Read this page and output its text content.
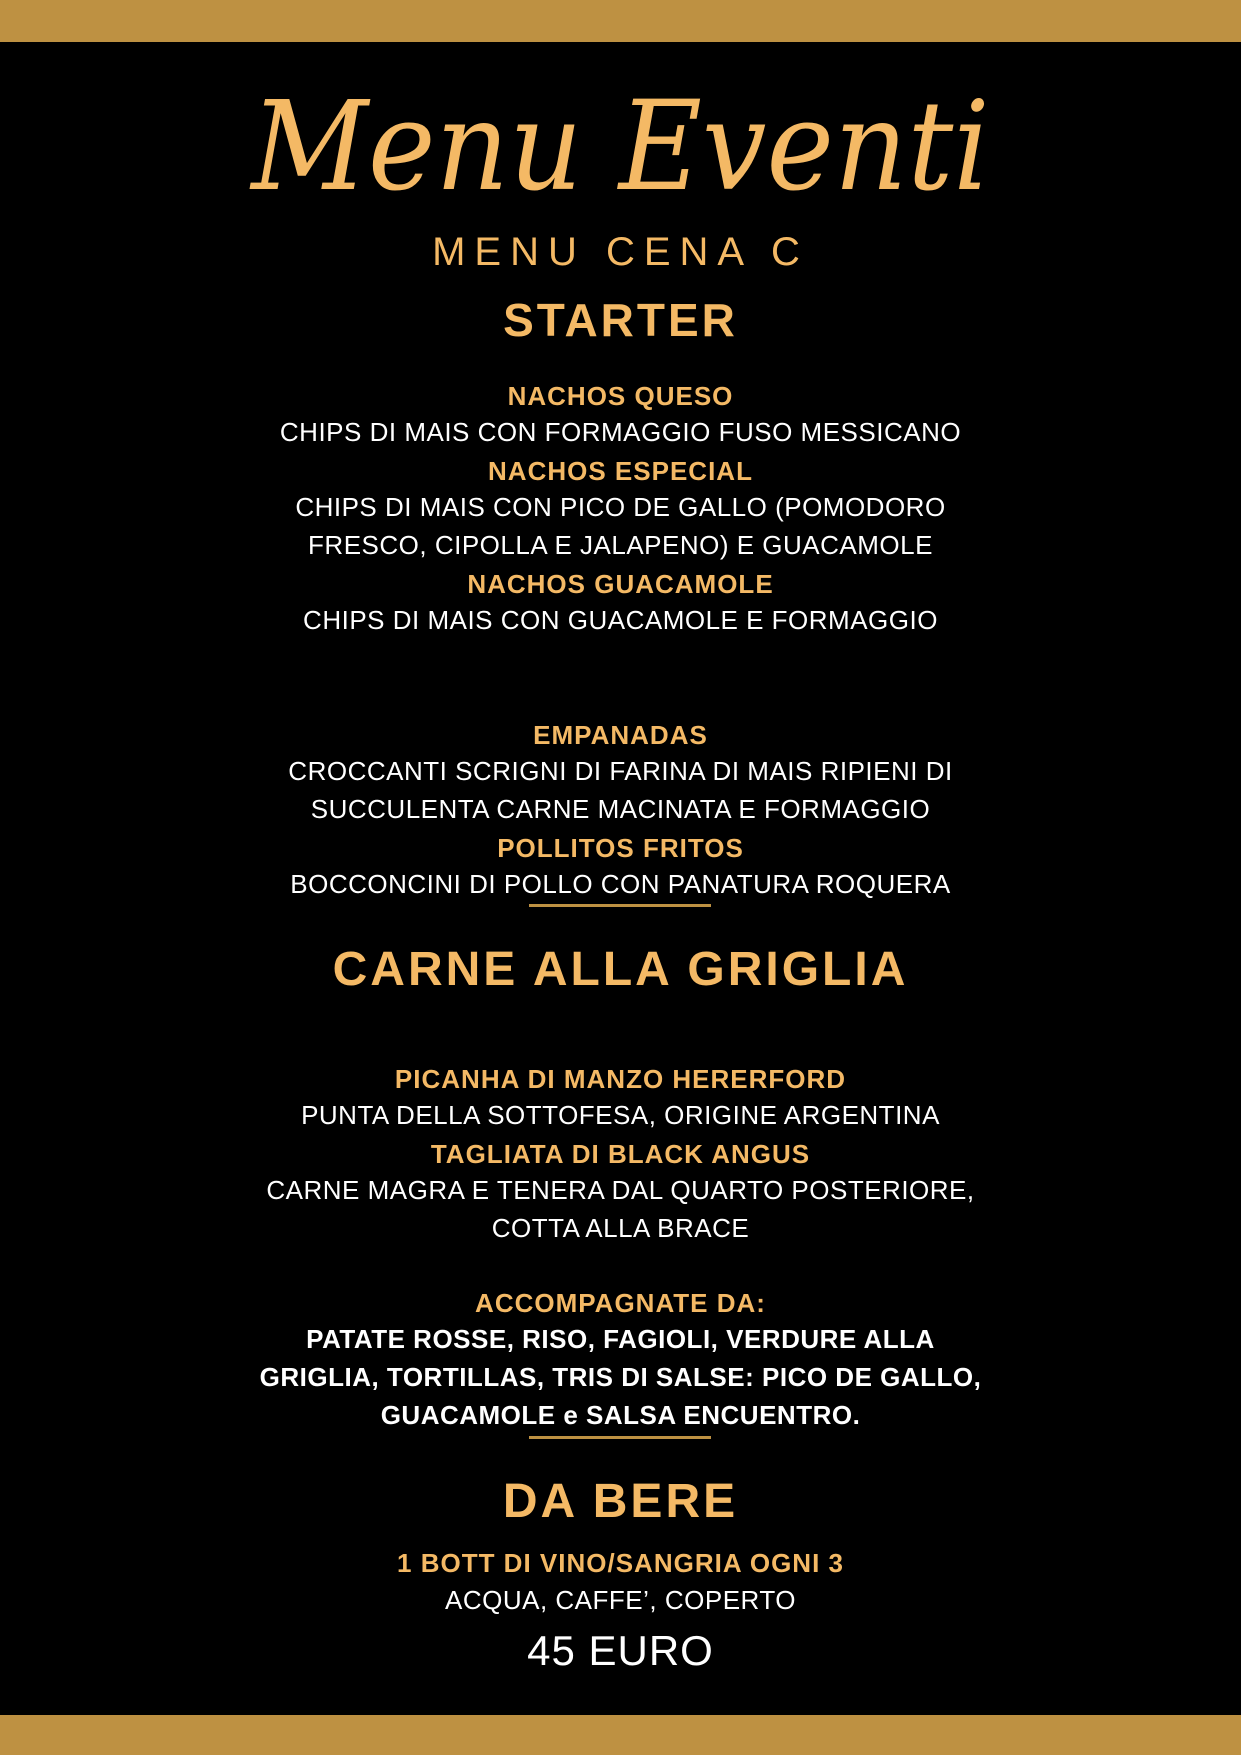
Menu Eventi
MENU CENA C
STARTER
NACHOS QUESO
CHIPS DI MAIS CON FORMAGGIO FUSO MESSICANO
NACHOS ESPECIAL
CHIPS DI MAIS CON PICO DE GALLO (POMODORO
FRESCO, CIPOLLA E JALAPENO) E GUACAMOLE
NACHOS GUACAMOLE
CHIPS DI MAIS CON GUACAMOLE E FORMAGGIO
EMPANADAS
CROCCANTI SCRIGNI DI FARINA DI MAIS RIPIENI DI
SUCCULENTA CARNE MACINATA E FORMAGGIO
POLLITOS FRITOS
BOCCONCINI DI POLLO CON PANATURA ROQUERA
CARNE ALLA GRIGLIA
PICANHA DI MANZO HERERFORD
PUNTA DELLA SOTTOFESA, ORIGINE ARGENTINA
TAGLIATA DI BLACK ANGUS
CARNE MAGRA E TENERA DAL QUARTO POSTERIORE,
COTTA ALLA BRACE
ACCOMPAGNATE DA:
PATATE ROSSE, RISO, FAGIOLI, VERDURE ALLA
GRIGLIA, TORTILLAS, TRIS DI SALSE: PICO DE GALLO,
GUACAMOLE e SALSA ENCUENTRO.
DA BERE
1 BOTT DI VINO/SANGRIA OGNI 3
ACQUA, CAFFE’, COPERTO
45 EURO
